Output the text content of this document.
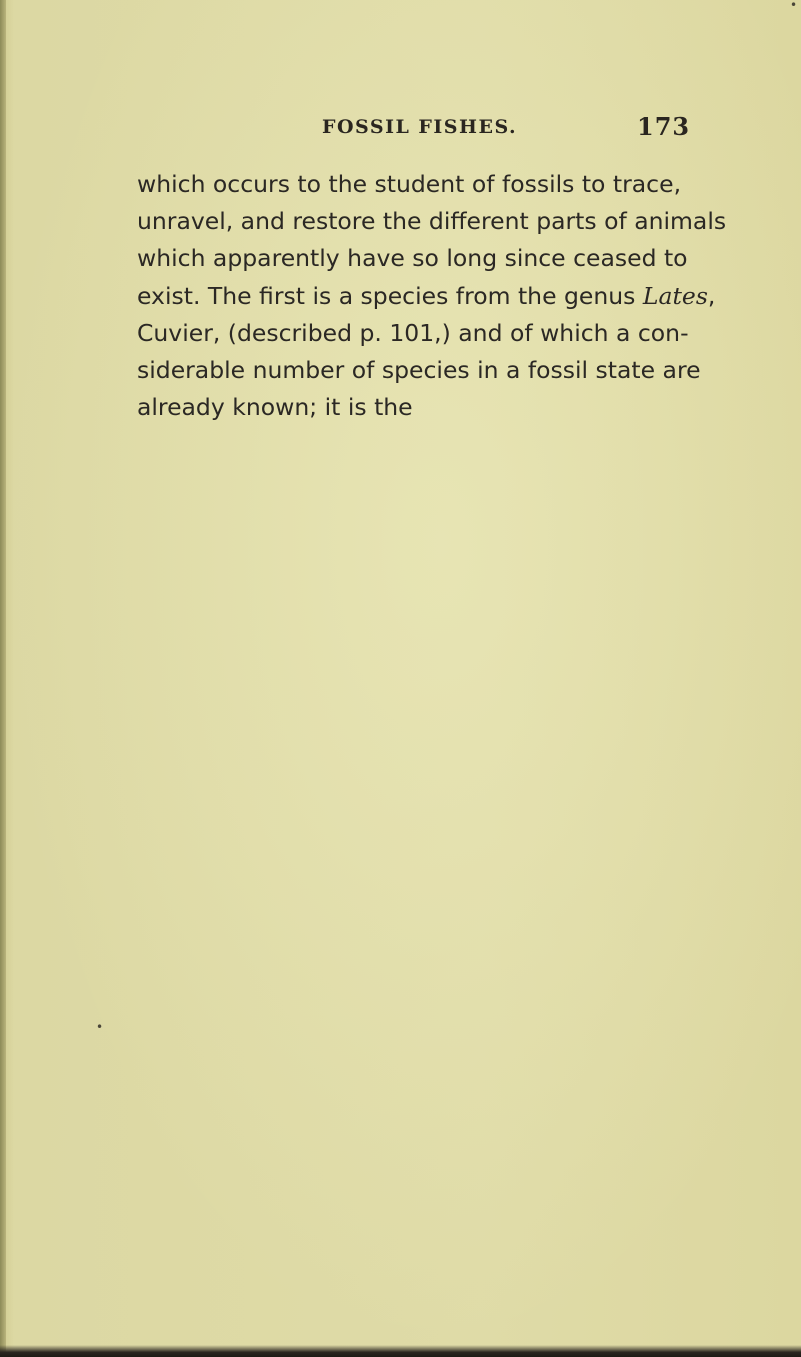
FOSSIL FISHES.	173
which occurs to the student of fossils to trace,
unravel, and restore the different parts of animals
which apparently have so long since ceased to
exist. The first is a species from the genus Lates,
Cuvier, (described p. 101,) and of which a con-
siderable number of species in a fossil state are
already known; it is the
•
•
